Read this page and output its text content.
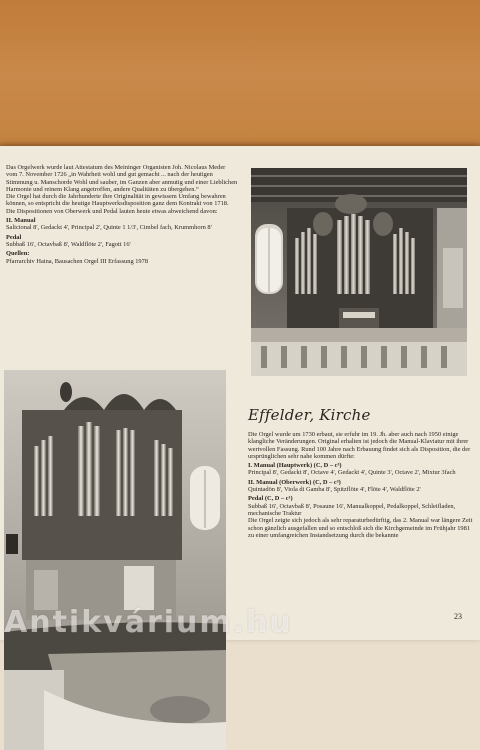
Das Orgelwerk wurde laut Attestatum des Meininger Organisten Joh. Nicolaus Meder vom 7. November 1726 „in Wahrheit wohl und gut gemacht ... nach der heutigen Stimmung u. Manschorde Wohl und sauber, im Ganzen aber anmutig und einer Lieblichen Harmonie und reinem Klang angetroffen, andere Qualitäten zu übergehen.“

Die Orgel hat durch die Jahrhunderte ihre Originalität in gewissem Umfang bewahren können, so entspricht die heutige Hauptwerksdisposition ganz dem Kontrakt von 1718. Die Dispositionen von Oberwerk und Pedal lauten heute etwas abweichend davon:

II. Manual

Salicional 8', Gedackt 4', Principal 2', Quinte 1 1/3', Cimbel fach, Krummhorn 8'

Pedal

Subbaß 16', Octavbaß 8', Waldflöte 2', Fagott 16'

Quellen:

Pfarrarchiv Haina, Bausachen Orgel III Erfassung 1978

Effelder, Kirche

Die Orgel wurde um 1730 erbaut, sie erfuhr im 19. Jh. aber auch nach 1950 einige klangliche Veränderungen. Original erhalten ist jedoch die Manual-Klaviatur mit ihrer wertvollen Fassung. Rund 100 Jahre nach Erbauung findet sich als Disposition, die der ursprünglichen sehr nahe kommen dürfte:

I. Manual (Hauptwerk) (C, D – c³)

Principal 8', Gedackt 8', Octave 4', Gedackt 4', Quinte 3', Octave 2', Mixtur 3fach

II. Manual (Oberwerk) (C, D – c³)

Quintadön 8', Viola di Gamba 8', Spitzflöte 4', Flöte 4', Waldflöte 2'

Pedal (C, D – c¹)

Subbaß 16', Octavbaß 8', Posaune 16', Manualkoppel, Pedalkoppel, Schleifladen, mechanische Traktur

Die Orgel zeigte sich jedoch als sehr reparaturbedürftig, das 2. Manual war längere Zeit schon gänzlich ausgefallen und so entschloß sich die Kirchgemeinde im Frühjahr 1981 zu einer umfangreichen Instandsetzung durch die bekannte

23
Antikvárium.hu
